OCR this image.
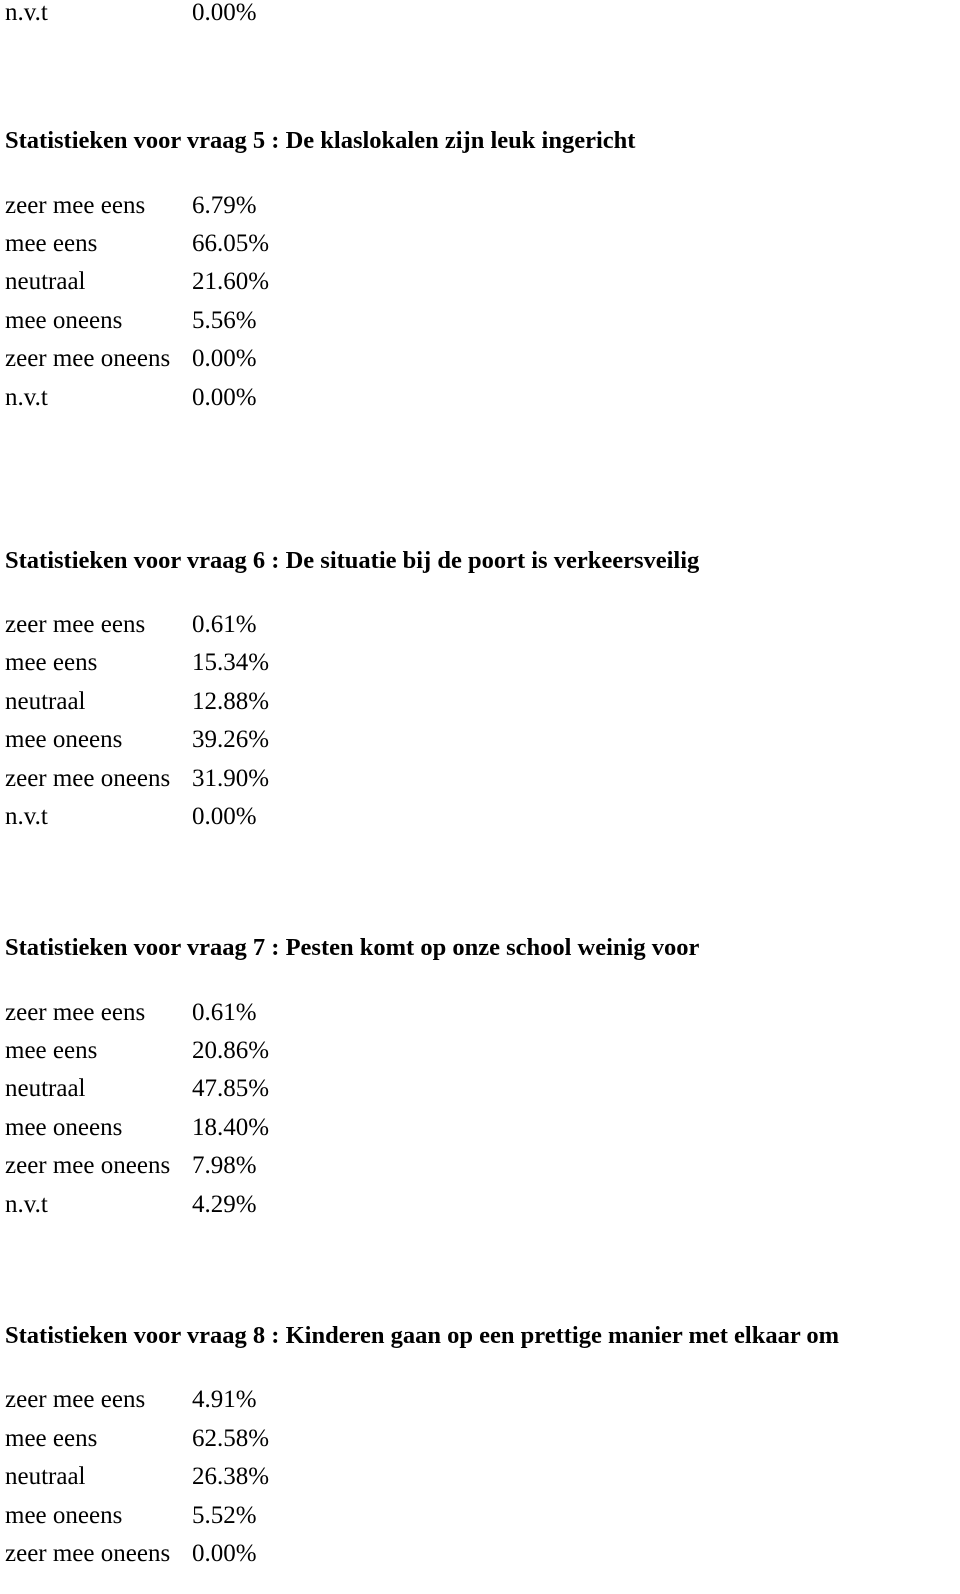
n.v.t	0.00%
Statistieken voor vraag 5 : De klaslokalen zijn leuk ingericht
zeer mee eens 6.79%
mee eens	66.05%
neutraal	21.60%
mee oneens	5.56%
zeer mee oneens 0.00%
n.v.t	0.00%
Statistieken voor vraag 6 : De situatie bij de poort is verkeersveilig
zeer mee eens 0.61%
mee eens	15.34%
neutraal	12.88%
mee oneens	39.26%
zeer mee oneens 31.90%
n.v.t	0.00%
Statistieken voor vraag 7 : Pesten komt op onze school weinig voor
zeer mee eens 0.61%
mee eens	20.86%
neutraal	47.85%
mee oneens	18.40%
zeer mee oneens 7.98%
n.v.t	4.29%
Statistieken voor vraag 8 : Kinderen gaan op een prettige manier met elkaar om
zeer mee eens 4.91%
mee eens	62.58%
neutraal	26.38%
mee oneens	5.52%
zeer mee oneens 0.00%
